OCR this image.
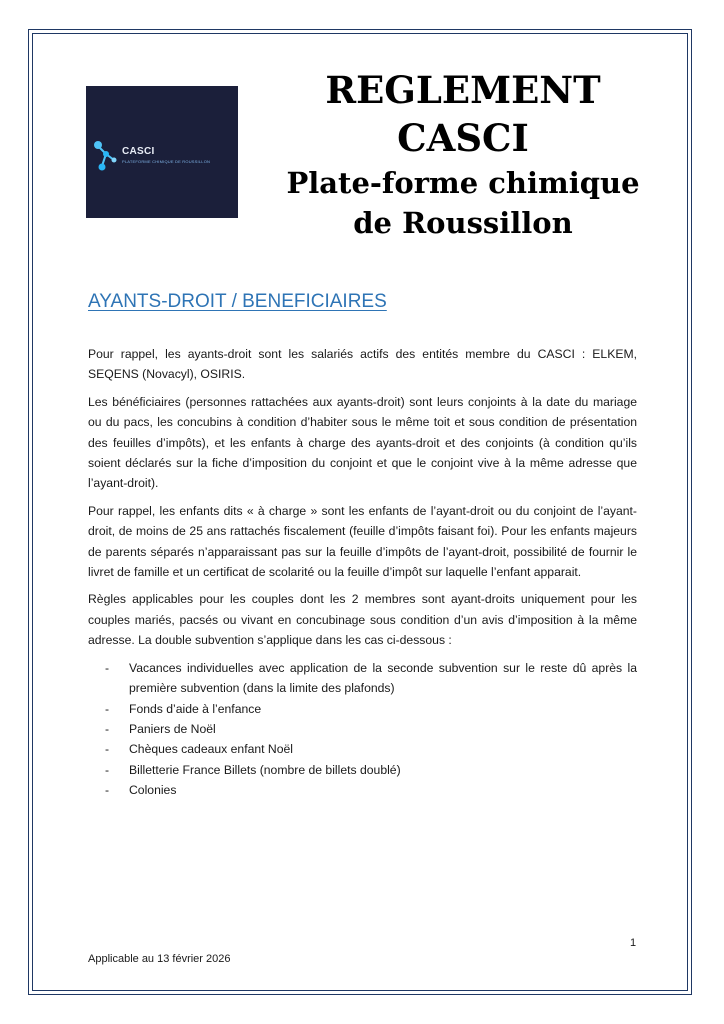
CASCI
PLATEFORME CHIMIQUE DE ROUSSILLON
REGLEMENT
CASCI
Plate-forme chimique
de Roussillon
AYANTS-DROIT / BENEFICIAIRES

Pour rappel, les ayants-droit sont les salariés actifs des entités membre du CASCI : ELKEM, SEQENS (Novacyl), OSIRIS.

Les bénéficiaires (personnes rattachées aux ayants-droit) sont leurs conjoints à la date du mariage ou du pacs, les concubins à condition d’habiter sous le même toit et sous condition de présentation des feuilles d’impôts), et les enfants à charge des ayants-droit et des conjoints (à condition qu’ils soient déclarés sur la fiche d’imposition du conjoint et que le conjoint vive à la même adresse que l’ayant-droit).

Pour rappel, les enfants dits « à charge » sont les enfants de l’ayant-droit ou du conjoint de l’ayant-droit, de moins de 25 ans rattachés fiscalement (feuille d’impôts faisant foi). Pour les enfants majeurs de parents séparés n’apparaissant pas sur la feuille d’impôts de l’ayant-droit, possibilité de fournir le livret de famille et un certificat de scolarité ou la feuille d’impôt sur laquelle l’enfant apparait.

Règles applicables pour les couples dont les 2 membres sont ayant-droits uniquement pour les couples mariés, pacsés ou vivant en concubinage sous condition d’un avis d’imposition à la même adresse. La double subvention s’applique dans les cas ci-dessous :

- Vacances individuelles avec application de la seconde subvention sur le reste dû après la première subvention (dans la limite des plafonds)
- Fonds d’aide à l’enfance
- Paniers de Noël
- Chèques cadeaux enfant Noël
- Billetterie France Billets (nombre de billets doublé)
- Colonies
1
Applicable au 13 février 2026
